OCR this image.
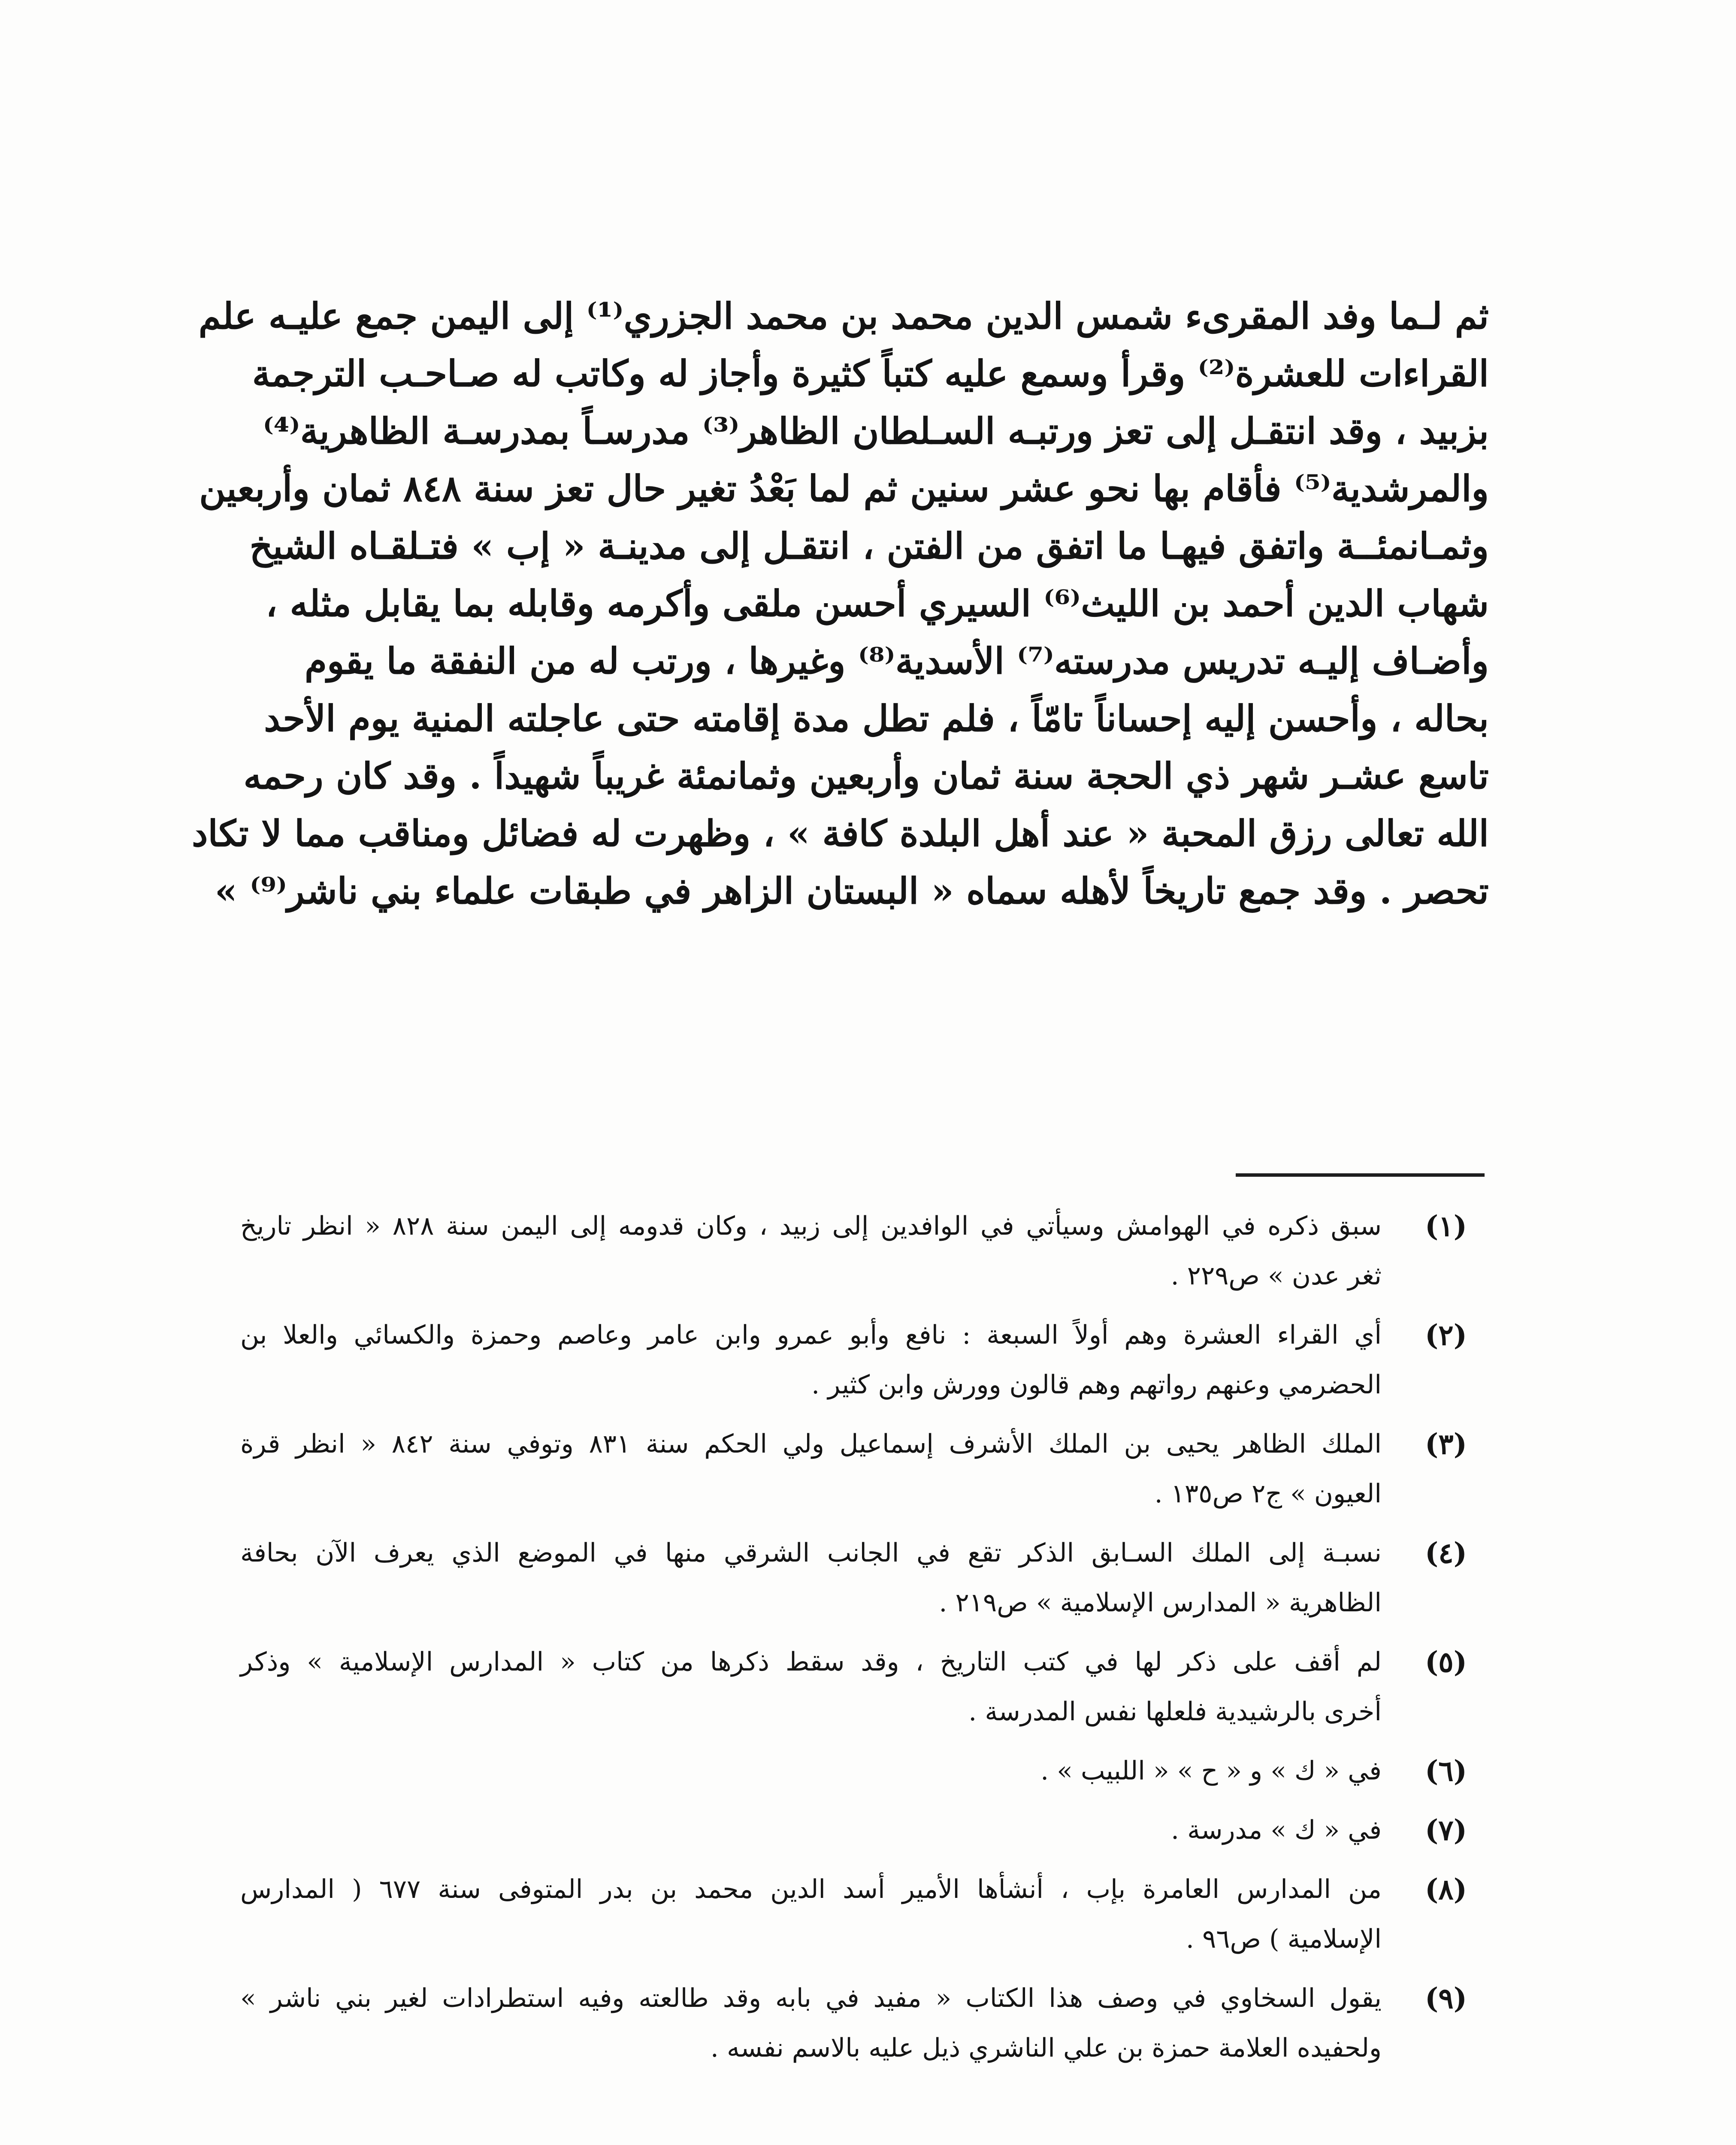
ثم لـما وفد المقرىء شمس الدين محمد بن محمد الجزري⁽¹⁾ إلى اليمن جمع عليـه علم
القراءات للعشرة⁽²⁾ وقرأ وسمع عليه كتباً كثيرة وأجاز له وكاتب له صـاحـب الترجمة
بزبيد ، وقد انتقـل إلى تعز ورتبـه السـلطان الظاهر⁽³⁾ مدرسـاً بمدرسـة الظاهرية⁽⁴⁾
والمرشدية⁽⁵⁾ فأقام بها نحو عشر سنين ثم لما بَعْدُ تغير حال تعز سنة ٨٤٨ ثمان وأربعين
وثمـانمئــة واتفق فيهـا ما اتفق من الفتن ، انتقـل إلى مدينـة « إب » فتـلقـاه الشيخ
شهاب الدين أحمد بن الليث⁽⁶⁾ السيري أحسن ملقى وأكرمه وقابله بما يقابل مثله ،
وأضـاف إليـه تدريس مدرسته⁽⁷⁾ الأسدية⁽⁸⁾ وغيرها ، ورتب له من النفقة ما يقوم
بحاله ، وأحسن إليه إحساناً تامّاً ، فلم تطل مدة إقامته حتى عاجلته المنية يوم الأحد
تاسع عشـر شهر ذي الحجة سنة ثمان وأربعين وثمانمئة غريباً شهيداً . وقد كان رحمه
الله تعالى رزق المحبة « عند أهل البلدة كافة » ، وظهرت له فضائل ومناقب مما لا تكاد
تحصر . وقد جمع تاريخاً لأهله سماه « البستان الزاهر في طبقات علماء بني ناشر⁽⁹⁾ »
(١)
سبق ذكره في الهوامش وسيأتي في الوافدين إلى زبيد ، وكان قدومه إلى اليمن سنة ٨٢٨ « انظر تاريخ
ثغر عدن » ص٢٢٩ .
(٢)
أي القراء العشرة وهم أولاً السبعة : نافع وأبو عمرو وابن عامر وعاصم وحمزة والكسائي والعلا بن
الحضرمي وعنهم رواتهم وهم قالون وورش وابن كثير .
(٣)
الملك الظاهر يحيى بن الملك الأشرف إسماعيل ولي الحكم سنة ٨٣١ وتوفي سنة ٨٤٢ « انظر قرة
العيون » ج٢ ص١٣٥ .
(٤)
نسبـة إلى الملك السـابق الذكر تقع في الجانب الشرقي منها في الموضع الذي يعرف الآن بحافة
الظاهرية « المدارس الإسلامية » ص٢١٩ .
(٥)
لم أقف على ذكر لها في كتب التاريخ ، وقد سقط ذكرها من كتاب « المدارس الإسلامية » وذكر
أخرى بالرشيدية فلعلها نفس المدرسة .
(٦)
في « ك » و « ح » « اللبيب » .
(٧)
في « ك » مدرسة .
(٨)
من المدارس العامرة بإب ، أنشأها الأمير أسد الدين محمد بن بدر المتوفى سنة ٦٧٧ ( المدارس
الإسلامية ) ص٩٦ .
(٩)
يقول السخاوي في وصف هذا الكتاب « مفيد في بابه وقد طالعته وفيه استطرادات لغير بني ناشر »
ولحفيده العلامة حمزة بن علي الناشري ذيل عليه بالاسم نفسه .
